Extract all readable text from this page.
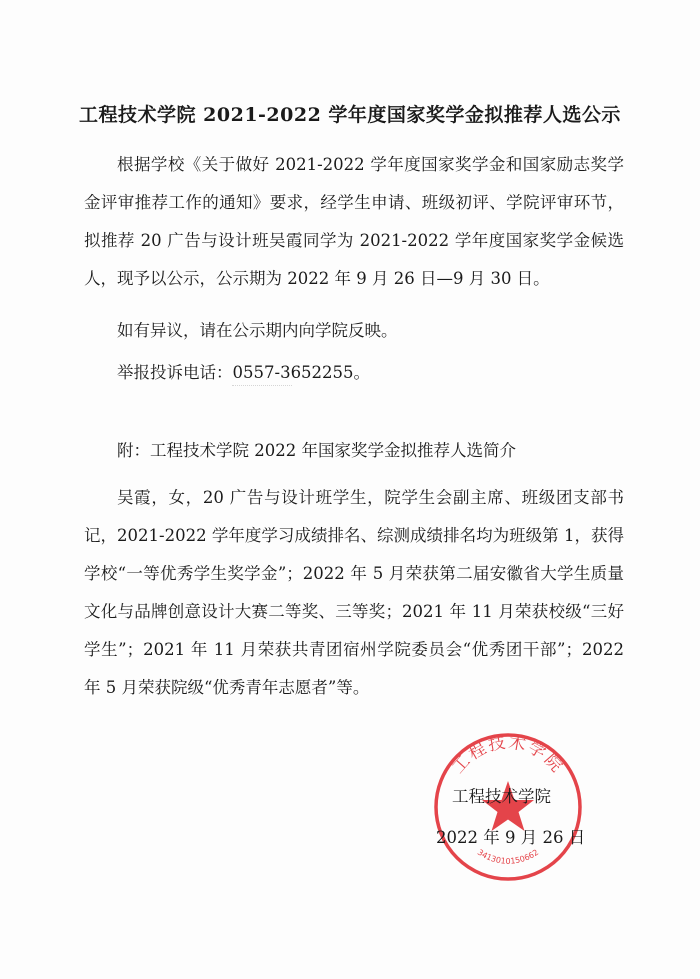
工程技术学院 2021-2022 学年度国家奖学金拟推荐人选公示

根据学校《关于做好 2021-2022 学年度国家奖学金和国家励志奖学金评审推荐工作的通知》要求，经学生申请、班级初评、学院评审环节，拟推荐 20 广告与设计班吴霞同学为 2021-2022 学年度国家奖学金候选人，现予以公示，公示期为 2022 年 9 月 26 日—9 月 30 日。

如有异议，请在公示期内向学院反映。

举报投诉电话：0557-3652255。

附：工程技术学院 2022 年国家奖学金拟推荐人选简介

吴霞，女，20 广告与设计班学生，院学生会副主席、班级团支部书记，2021-2022 学年度学习成绩排名、综测成绩排名均为班级第 1，获得学校“一等优秀学生奖学金”；2022 年 5 月荣获第二届安徽省大学生质量文化与品牌创意设计大赛二等奖、三等奖；2021 年 11 月荣获校级“三好学生”；2021 年 11 月荣获共青团宿州学院委员会“优秀团干部”；2022 年 5 月荣获院级“优秀青年志愿者”等。

工程技术学院
3413010150662

工程技术学院

2022 年 9 月 26 日
